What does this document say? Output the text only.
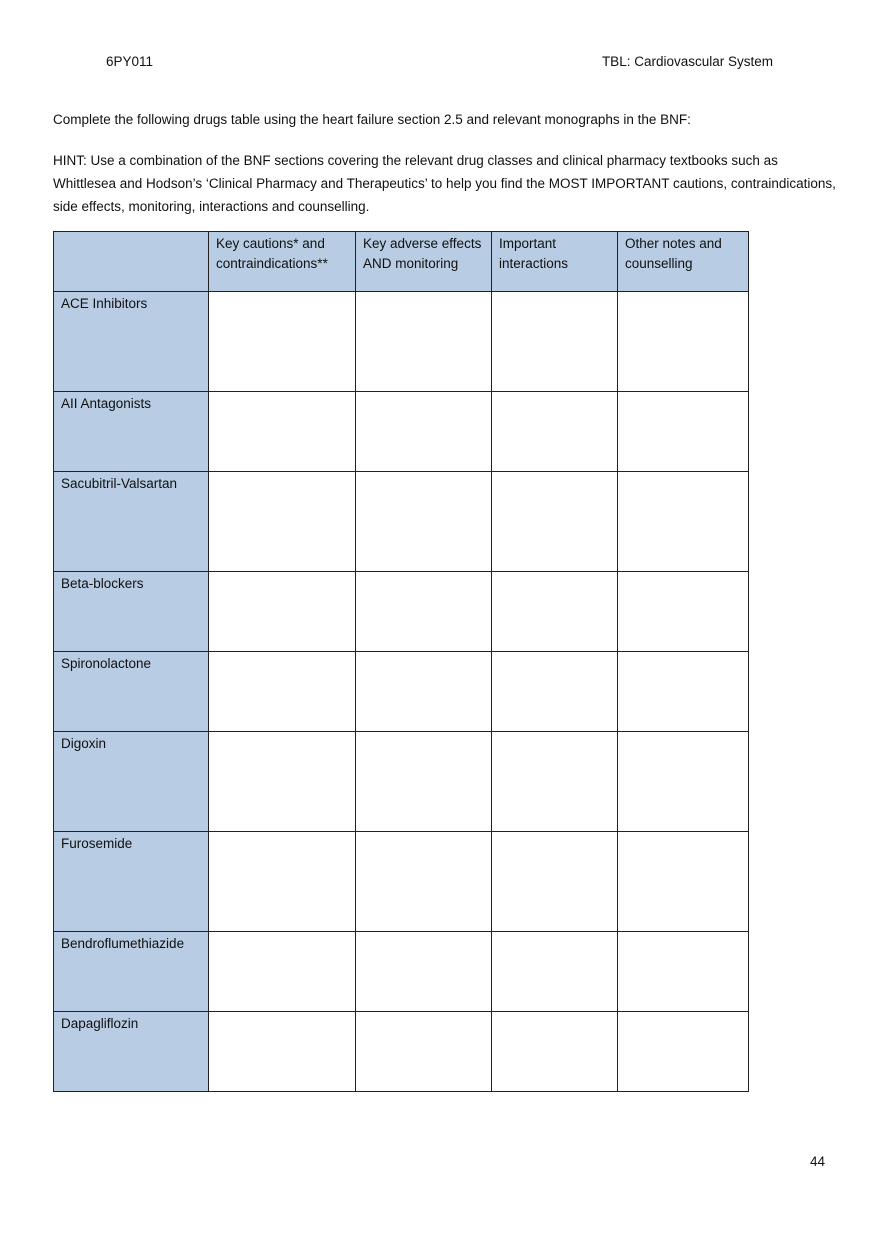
6PY011	TBL: Cardiovascular System
Complete the following drugs table using the heart failure section 2.5 and relevant monographs in the BNF:
HINT: Use a combination of the BNF sections covering the relevant drug classes and clinical pharmacy textbooks such as Whittlesea and Hodson’s ‘Clinical Pharmacy and Therapeutics’ to help you find the MOST IMPORTANT cautions, contraindications, side effects, monitoring, interactions and counselling.
	Key cautions* and contraindications**	Key adverse effects AND monitoring	Important interactions	Other notes and counselling
ACE Inhibitors				
AII Antagonists				
Sacubitril-Valsartan				
Beta-blockers				
Spironolactone				
Digoxin				
Furosemide				
Bendroflumethiazide				
Dapagliflozin				
44
